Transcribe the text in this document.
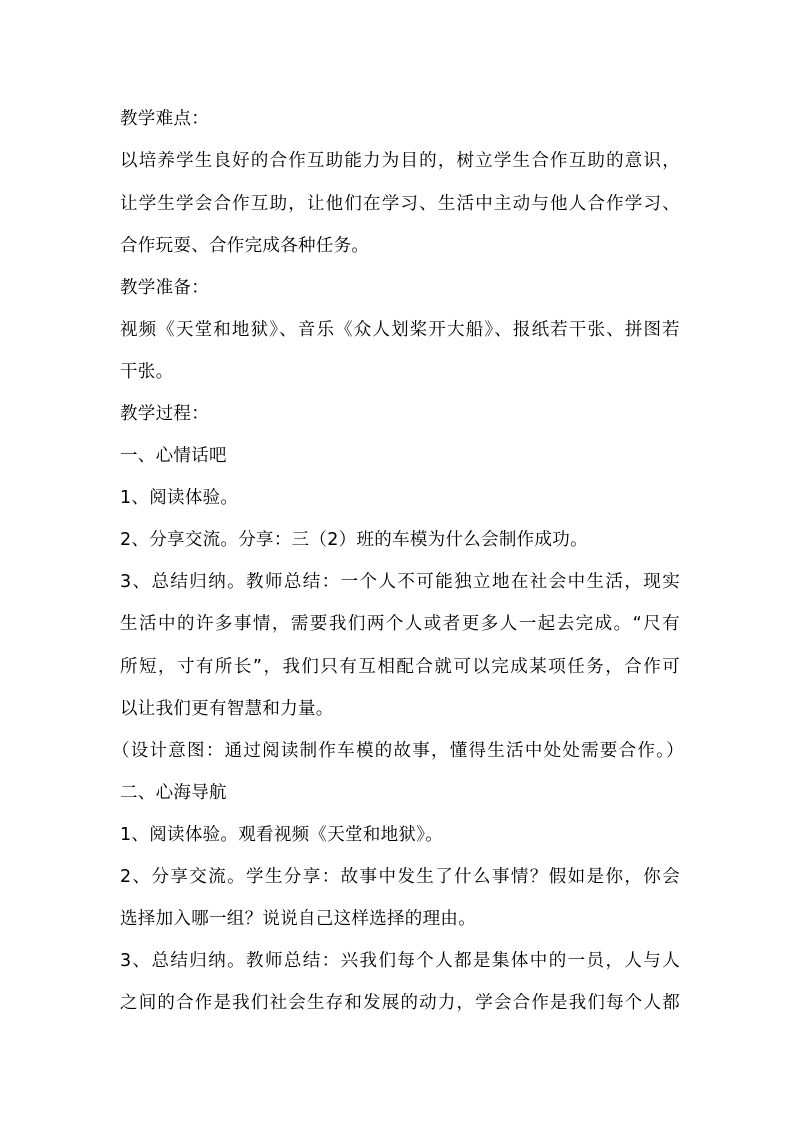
教学难点：
以培养学生良好的合作互助能力为目的，树立学生合作互助的意识，
让学生学会合作互助，让他们在学习、生活中主动与他人合作学习、
合作玩耍、合作完成各种任务。
教学准备：
视频《天堂和地狱》、音乐《众人划桨开大船》、报纸若干张、拼图若
干张。
教学过程：
一、心情话吧
1、阅读体验。
2、分享交流。分享：三（2）班的车模为什么会制作成功。
3、总结归纳。教师总结：一个人不可能独立地在社会中生活，现实
生活中的许多事情，需要我们两个人或者更多人一起去完成。“尺有
所短，寸有所长”，我们只有互相配合就可以完成某项任务，合作可
以让我们更有智慧和力量。
（设计意图：通过阅读制作车模的故事，懂得生活中处处需要合作。）
二、心海导航
1、阅读体验。观看视频《天堂和地狱》。
2、分享交流。学生分享：故事中发生了什么事情？假如是你，你会
选择加入哪一组？说说自己这样选择的理由。
3、总结归纳。教师总结：兴我们每个人都是集体中的一员，人与人
之间的合作是我们社会生存和发展的动力，学会合作是我们每个人都
